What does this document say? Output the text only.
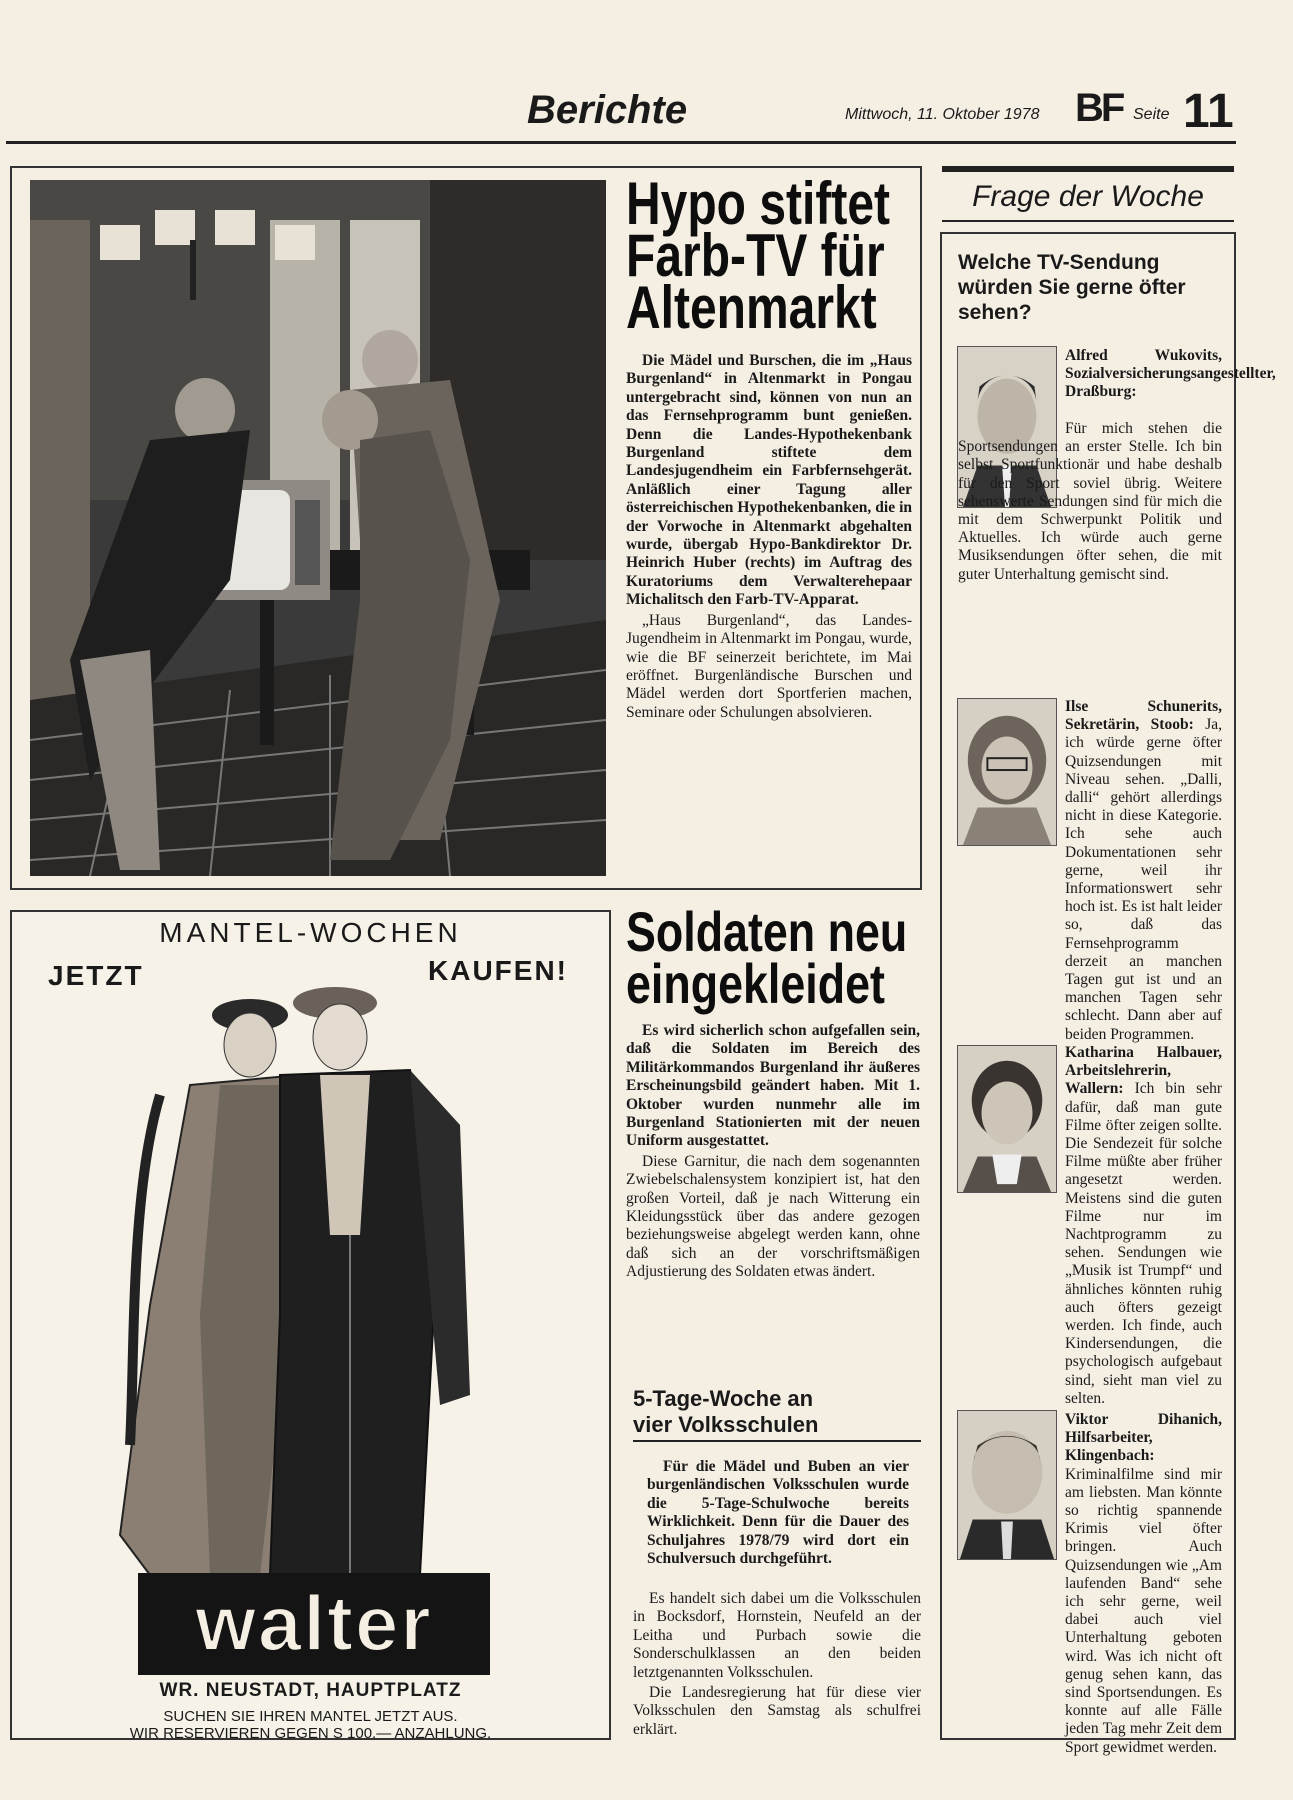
Berichte	Mittwoch, 11. Oktober 1978 BF Seite 11
Hypo stiftet
Farb-TV für
Altenmarkt

Die Mädel und Burschen, die im „Haus Burgenland“ in Altenmarkt in Pongau untergebracht sind, können von nun an das Fernsehprogramm bunt genießen. Denn die Landes-Hypothekenbank Burgenland stiftete dem Landesjugendheim ein Farbfernsehgerät. Anläßlich einer Tagung aller österreichischen Hypothekenbanken, die in der Vorwoche in Altenmarkt abgehalten wurde, übergab Hypo-Bankdirektor Dr. Heinrich Huber (rechts) im Auftrag des Kuratoriums dem Verwalterehepaar Michalitsch den Farb-TV-Apparat.

„Haus Burgenland“, das Landes-Jugendheim in Altenmarkt im Pongau, wurde, wie die BF seinerzeit berichtete, im Mai eröffnet. Burgenländische Burschen und Mädel werden dort Sportferien machen, Seminare oder Schulungen absolvieren.

MANTEL-WOCHEN
JETZT	KAUFEN!
walter
WR. NEUSTADT, HAUPTPLATZ
SUCHEN SIE IHREN MANTEL JETZT AUS.
WIR RESERVIEREN GEGEN S 100.— ANZAHLUNG.
Soldaten neu
eingekleidet

Es wird sicherlich schon aufgefallen sein, daß die Soldaten im Bereich des Militärkommandos Burgenland ihr äußeres Erscheinungsbild geändert haben. Mit 1. Oktober wurden nunmehr alle im Burgenland Stationierten mit der neuen Uniform ausgestattet.

Diese Garnitur, die nach dem sogenannten Zwiebelschalensystem konzipiert ist, hat den großen Vorteil, daß je nach Witterung ein Kleidungsstück über das andere gezogen beziehungsweise abgelegt werden kann, ohne daß sich an der vorschriftsmäßigen Adjustierung des Soldaten etwas ändert.

5-Tage-Woche an
vier Volksschulen

Für die Mädel und Buben an vier burgenländischen Volksschulen wurde die 5-Tage-Schulwoche bereits Wirklichkeit. Denn für die Dauer des Schuljahres 1978/79 wird dort ein Schulversuch durchgeführt.

Es handelt sich dabei um die Volksschulen in Bocksdorf, Hornstein, Neufeld an der Leitha und Purbach sowie die Sonderschulklassen an den beiden letztgenannten Volksschulen.

Die Landesregierung hat für diese vier Volksschulen den Samstag als schulfrei erklärt.

Frage der Woche
Welche TV-Sendung würden Sie gerne öfter sehen?
Alfred Wukovits, Sozialversicherungsangestellter, Draßburg:
Für mich stehen die Sportsendungen an erster Stelle. Ich bin selbst Sportfunktionär und habe deshalb für den Sport soviel übrig. Weitere sehenswerte Sendungen sind für mich die mit dem Schwerpunkt Politik und Aktuelles. Ich würde auch gerne Musiksendungen öfter sehen, die mit guter Unterhaltung gemischt sind.
Ilse Schunerits, Sekretärin, Stoob: Ja, ich würde gerne öfter Quizsendungen mit Niveau sehen. „Dalli, dalli“ gehört allerdings nicht in diese Kategorie. Ich sehe auch Dokumentationen sehr gerne, weil ihr Informationswert sehr hoch ist. Es ist halt leider so, daß das Fernsehprogramm derzeit an manchen Tagen gut ist und an manchen Tagen sehr schlecht. Dann aber auf beiden Programmen.
Katharina Halbauer, Arbeitslehrerin, Wallern: Ich bin sehr dafür, daß man gute Filme öfter zeigen sollte. Die Sendezeit für solche Filme müßte aber früher angesetzt werden. Meistens sind die guten Filme nur im Nachtprogramm zu sehen. Sendungen wie „Musik ist Trumpf“ und ähnliches könnten ruhig auch öfters gezeigt werden. Ich finde, auch Kindersendungen, die psychologisch aufgebaut sind, sieht man viel zu selten.
Viktor Dihanich, Hilfsarbeiter, Klingenbach: Kriminalfilme sind mir am liebsten. Man könnte so richtig spannende Krimis viel öfter bringen. Auch Quizsendungen wie „Am laufenden Band“ sehe ich sehr gerne, weil dabei auch viel Unterhaltung geboten wird. Was ich nicht oft genug sehen kann, das sind Sportsendungen. Es konnte auf alle Fälle jeden Tag mehr Zeit dem Sport gewidmet werden.
